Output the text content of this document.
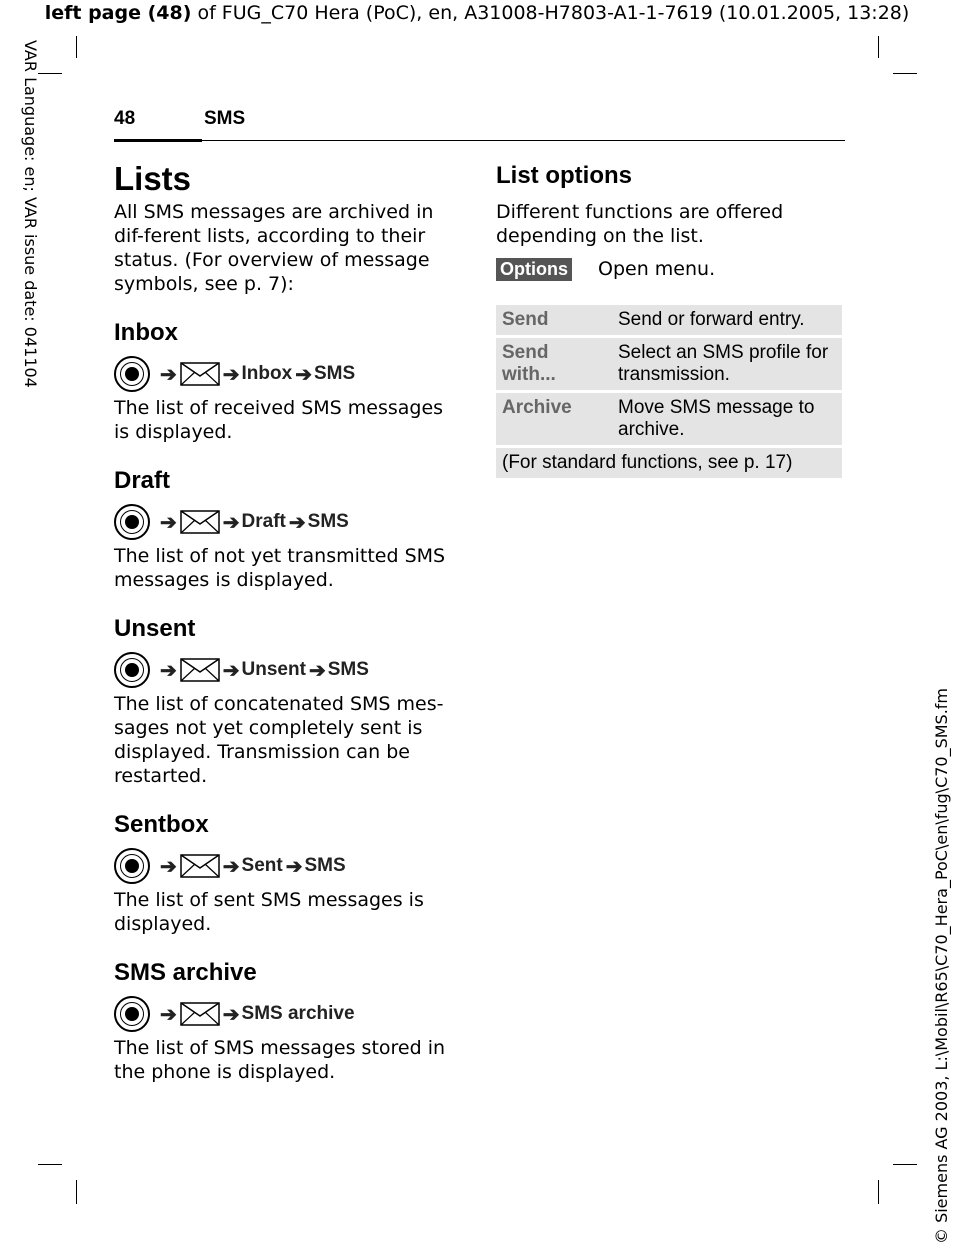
left page (48) of FUG_C70 Hera (PoC), en, A31008-H7803-A1-1-7619 (10.01.2005, 13:28)
VAR Language: en; VAR issue date: 041104
© Siemens AG 2003, L:\Mobil\R65\C70_Hera_PoC\en\fug\C70_SMS.fm
48	SMS
Lists

All SMS messages are archived in dif-ferent lists, according to their status. (For overview of message symbols, see p. 7):

Inbox
➔ ➔ Inbox ➔ SMS

The list of received SMS messages is displayed.

Draft
➔ ➔ Draft ➔ SMS

The list of not yet transmitted SMS messages is displayed.

Unsent
➔ ➔ Unsent ➔ SMS

The list of concatenated SMS mes-sages not yet completely sent is displayed. Transmission can be restarted.

Sentbox
➔ ➔ Sent ➔ SMS

The list of sent SMS messages is displayed.

SMS archive
➔ ➔ SMS archive

The list of SMS messages stored in the phone is displayed.

List options

Different functions are offered depending on the list.

Options Open menu.
Send	Send or forward entry.
Send with...	Select an SMS profile for transmission.
Archive	Move SMS message to archive.
(For standard functions, see p. 17)	
